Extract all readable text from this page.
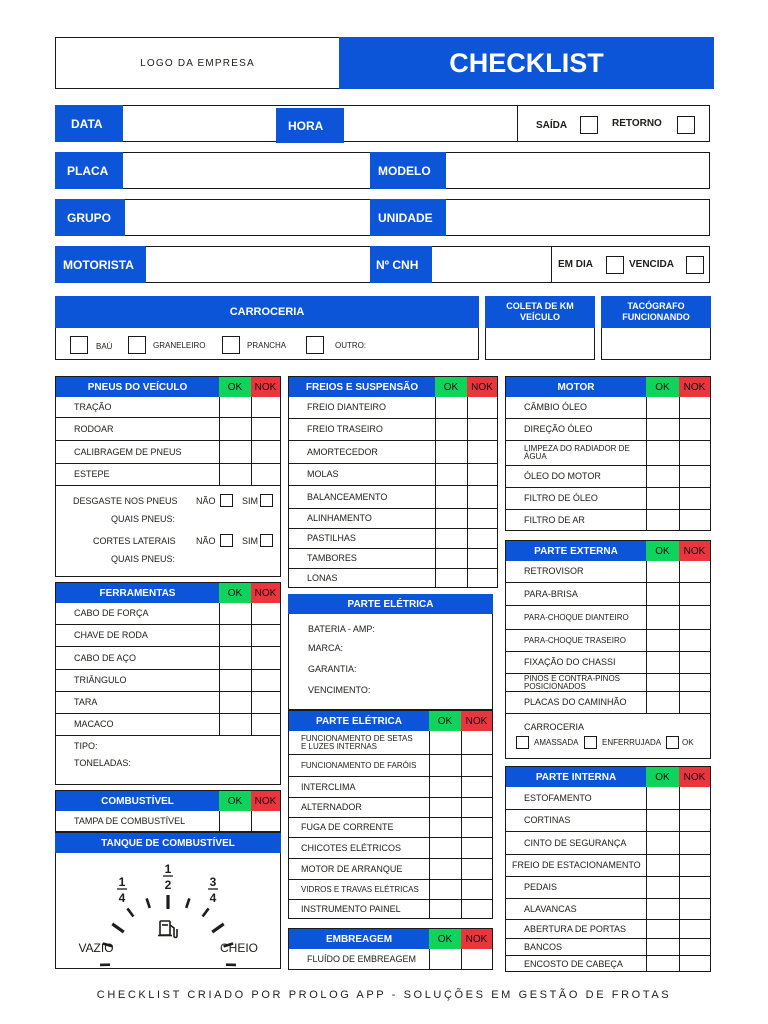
LOGO DA EMPRESA	CHECKLIST
DATA	HORA	SAÍDA	RETORNO
PLACA	MODELO
GRUPO	UNIDADE
MOTORISTA	Nº CNH	EM DIA	VENCIDA
CARROCERIA
BAÚ	GRANELEIRO	PRANCHA	OUTRO:
COLETA DE KM VEÍCULO
TACÓGRAFO FUNCIONANDO
PNEUS DO VEÍCULO	OK	NOK
TRAÇÃO
RODOAR
CALIBRAGEM DE PNEUS
ESTEPE
DESGASTE NOS PNEUS NÃO	SIM
QUAIS PNEUS:
CORTES LATERAIS NÃO	SIM
QUAIS PNEUS:
FERRAMENTAS	OK	NOK
CABO DE FORÇA
CHAVE DE RODA
CABO DE AÇO
TRIÂNGULO
TARA
MACACO
TIPO:
TONELADAS:
COMBUSTÍVEL	OK	NOK
TAMPA DE COMBUSTÍVEL
FREIOS E SUSPENSÃO	OK	NOK
FREIO DIANTEIRO
FREIO TRASEIRO
AMORTECEDOR
MOLAS
BALANCEAMENTO
ALINHAMENTO
PASTILHAS
TAMBORES
LONAS
PARTE ELÉTRICA	OK	NOK
FUNCIONAMENTO DE SETAS E LUZES INTERNAS
FUNCIONAMENTO DE FARÓIS
INTERCLIMA
ALTERNADOR
FUGA DE CORRENTE
CHICOTES ELÉTRICOS
MOTOR DE ARRANQUE
VIDROS E TRAVAS ELÉTRICAS
INSTRUMENTO PAINEL
EMBREAGEM	OK	NOK
FLUÍDO DE EMBREAGEM
MOTOR	OK	NOK
CÂMBIO ÓLEO
DIREÇÃO ÓLEO
LIMPEZA DO RADIADOR DE ÁGUA
ÓLEO DO MOTOR
FILTRO DE ÓLEO
FILTRO DE AR
PARTE EXTERNA	OK	NOK
RETROVISOR
PARA-BRISA
PARA-CHOQUE DIANTEIRO
PARA-CHOQUE TRASEIRO
FIXAÇÃO DO CHASSI
PINOS E CONTRA-PINOS POSICIONADOS
PLACAS DO CAMINHÃO
CARROCERIA
AMASSADA	ENFERRUJADA	OK
PARTE INTERNA	OK	NOK
ESTOFAMENTO
CORTINAS
CINTO DE SEGURANÇA
FREIO DE ESTACIONAMENTO
PEDAIS
ALAVANCAS
ABERTURA DE PORTAS
BANCOS
ENCOSTO DE CABEÇA
PARTE ELÉTRICA
BATERIA - AMP:
MARCA:
GARANTIA:
VENCIMENTO:
TANQUE DE COMBUSTÍVEL
1
4
1
2	3
4
VAZIO	CHEIO
CHECKLIST CRIADO POR PROLOG APP - SOLUÇÕES EM GESTÃO DE FROTAS
